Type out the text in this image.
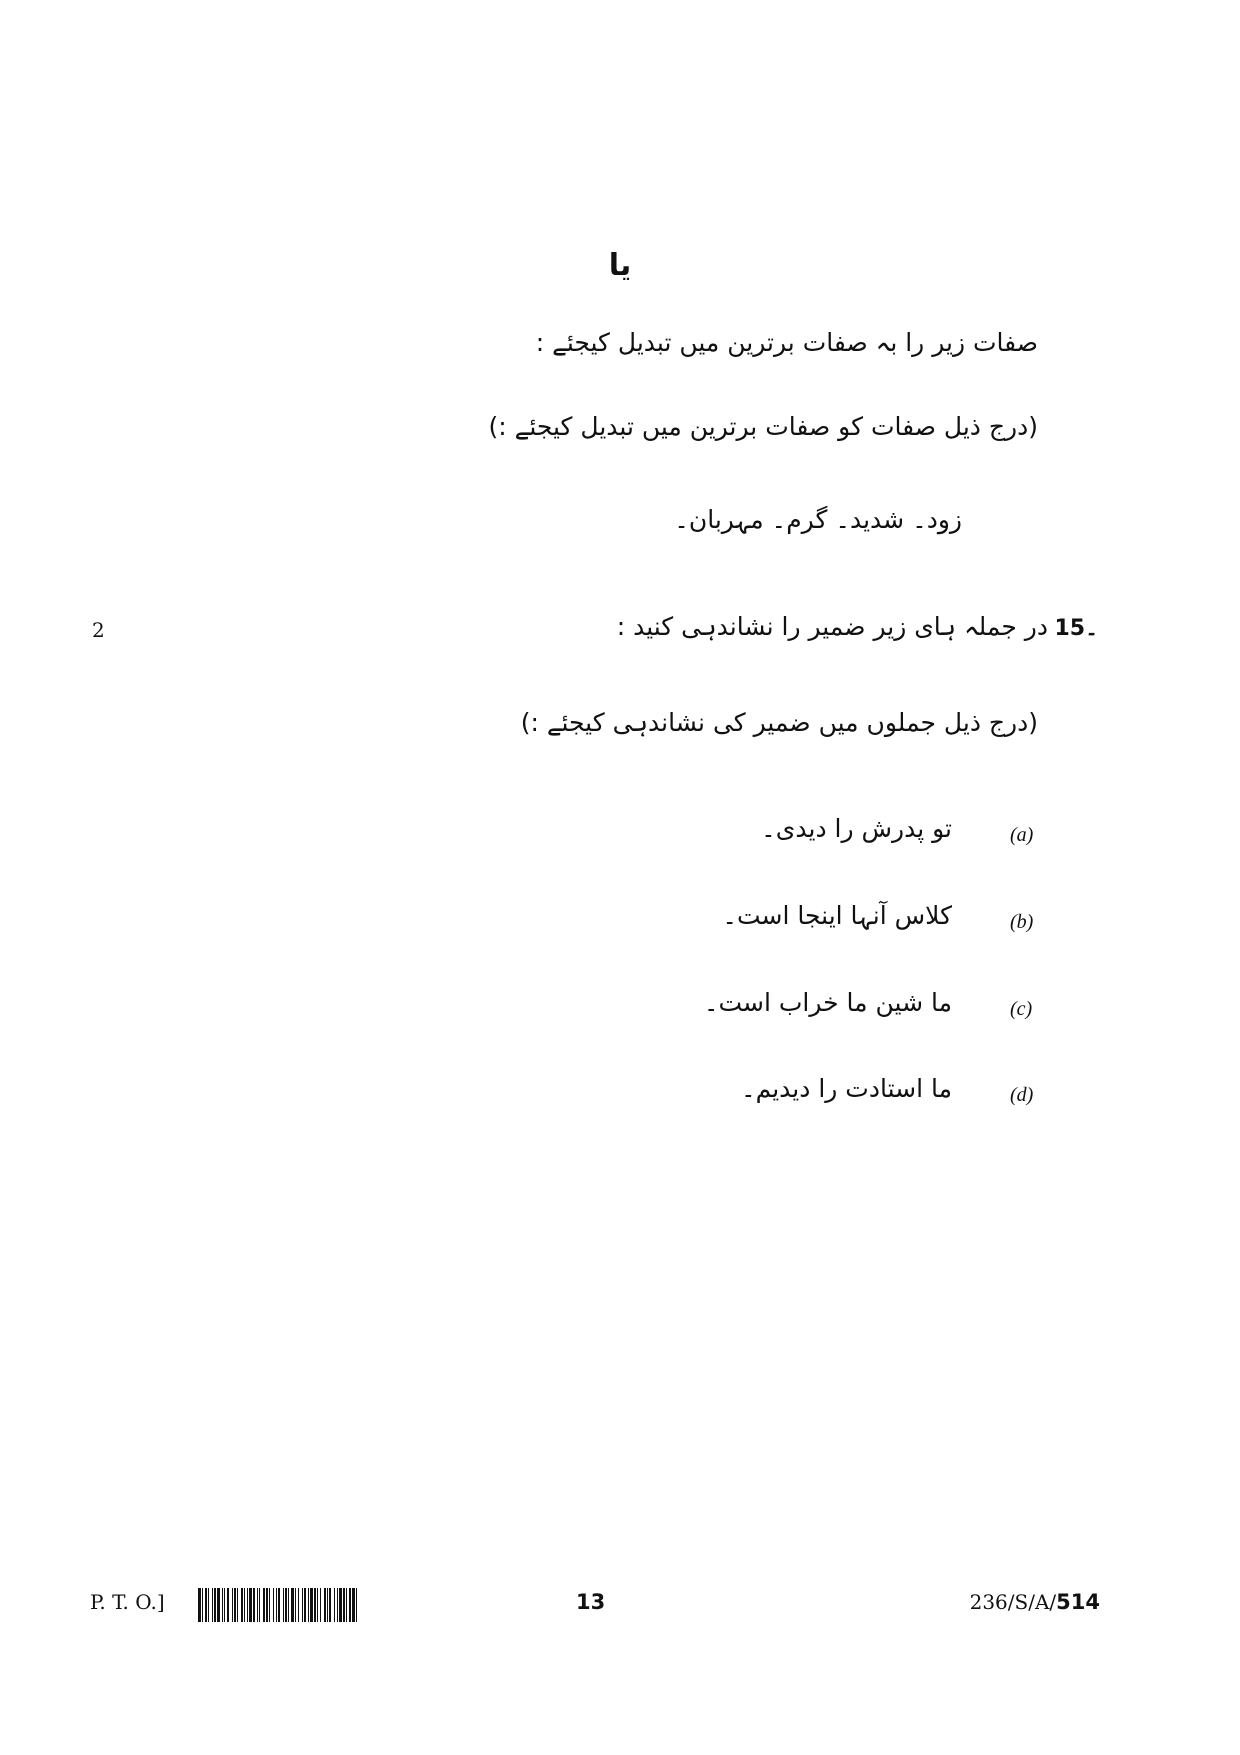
یا
صفات زیر را بہ صفات برترین میں تبدیل کیجئے :
(درج ذیل صفات کو صفات برترین میں تبدیل کیجئے :)
زود۔ شدید۔ گرم۔ مہربان۔
2	15۔
در جملہ ہای زیر ضمیر را نشاندہی کنید :
(درج ذیل جملوں میں ضمیر کی نشاندہی کیجئے :)
(a)
تو پدرش را دیدی۔
(b)
کلاس آنہا اینجا است۔
(c)
ما شین ما خراب است۔
(d)
ما استادت را دیدیم۔
P. T. O.]	13	236/S/A/514
